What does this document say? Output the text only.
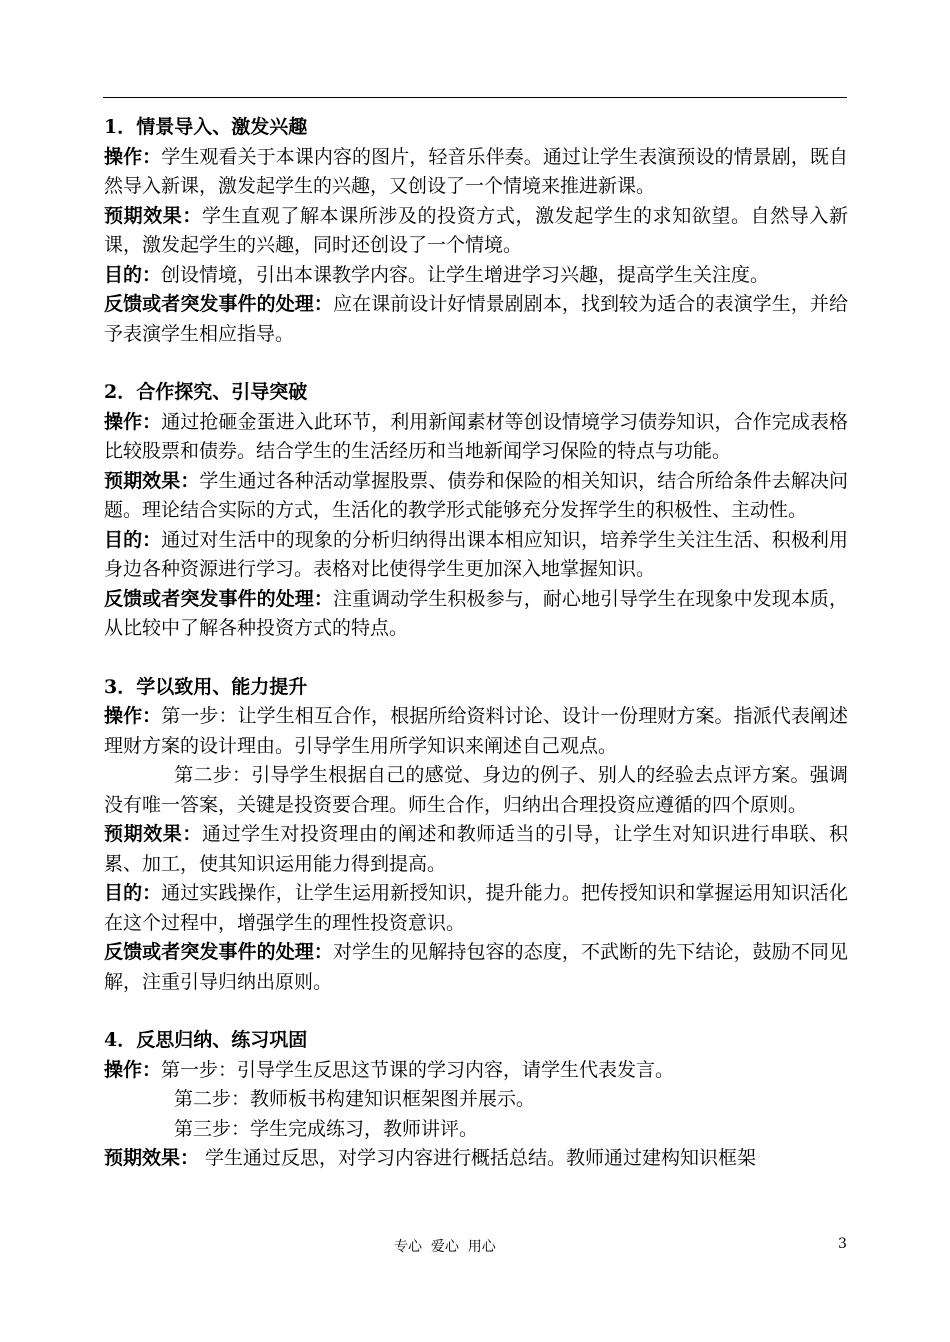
1．情景导入、激发兴趣

操作：学生观看关于本课内容的图片，轻音乐伴奏。通过让学生表演预设的情景剧，既自然导入新课，激发起学生的兴趣，又创设了一个情境来推进新课。

预期效果：学生直观了解本课所涉及的投资方式，激发起学生的求知欲望。自然导入新课，激发起学生的兴趣，同时还创设了一个情境。

目的：创设情境，引出本课教学内容。让学生增进学习兴趣，提高学生关注度。

反馈或者突发事件的处理：应在课前设计好情景剧剧本，找到较为适合的表演学生，并给予表演学生相应指导。

2．合作探究、引导突破

操作：通过抢砸金蛋进入此环节，利用新闻素材等创设情境学习债券知识，合作完成表格比较股票和债券。结合学生的生活经历和当地新闻学习保险的特点与功能。

预期效果：学生通过各种活动掌握股票、债券和保险的相关知识，结合所给条件去解决问题。理论结合实际的方式，生活化的教学形式能够充分发挥学生的积极性、主动性。

目的：通过对生活中的现象的分析归纳得出课本相应知识，培养学生关注生活、积极利用身边各种资源进行学习。表格对比使得学生更加深入地掌握知识。

反馈或者突发事件的处理：注重调动学生积极参与，耐心地引导学生在现象中发现本质，从比较中了解各种投资方式的特点。

3．学以致用、能力提升

操作：第一步：让学生相互合作，根据所给资料讨论、设计一份理财方案。指派代表阐述理财方案的设计理由。引导学生用所学知识来阐述自己观点。

第二步：引导学生根据自己的感觉、身边的例子、别人的经验去点评方案。强调没有唯一答案，关键是投资要合理。师生合作，归纳出合理投资应遵循的四个原则。

预期效果：通过学生对投资理由的阐述和教师适当的引导，让学生对知识进行串联、积累、加工，使其知识运用能力得到提高。

目的：通过实践操作，让学生运用新授知识，提升能力。把传授知识和掌握运用知识活化在这个过程中，增强学生的理性投资意识。

反馈或者突发事件的处理：对学生的见解持包容的态度，不武断的先下结论，鼓励不同见解，注重引导归纳出原则。

4．反思归纳、练习巩固

操作：第一步：引导学生反思这节课的学习内容，请学生代表发言。

第二步：教师板书构建知识框架图并展示。

第三步：学生完成练习，教师讲评。

预期效果： 学生通过反思，对学习内容进行概括总结。教师通过建构知识框架

专心  爱心  用心	3
